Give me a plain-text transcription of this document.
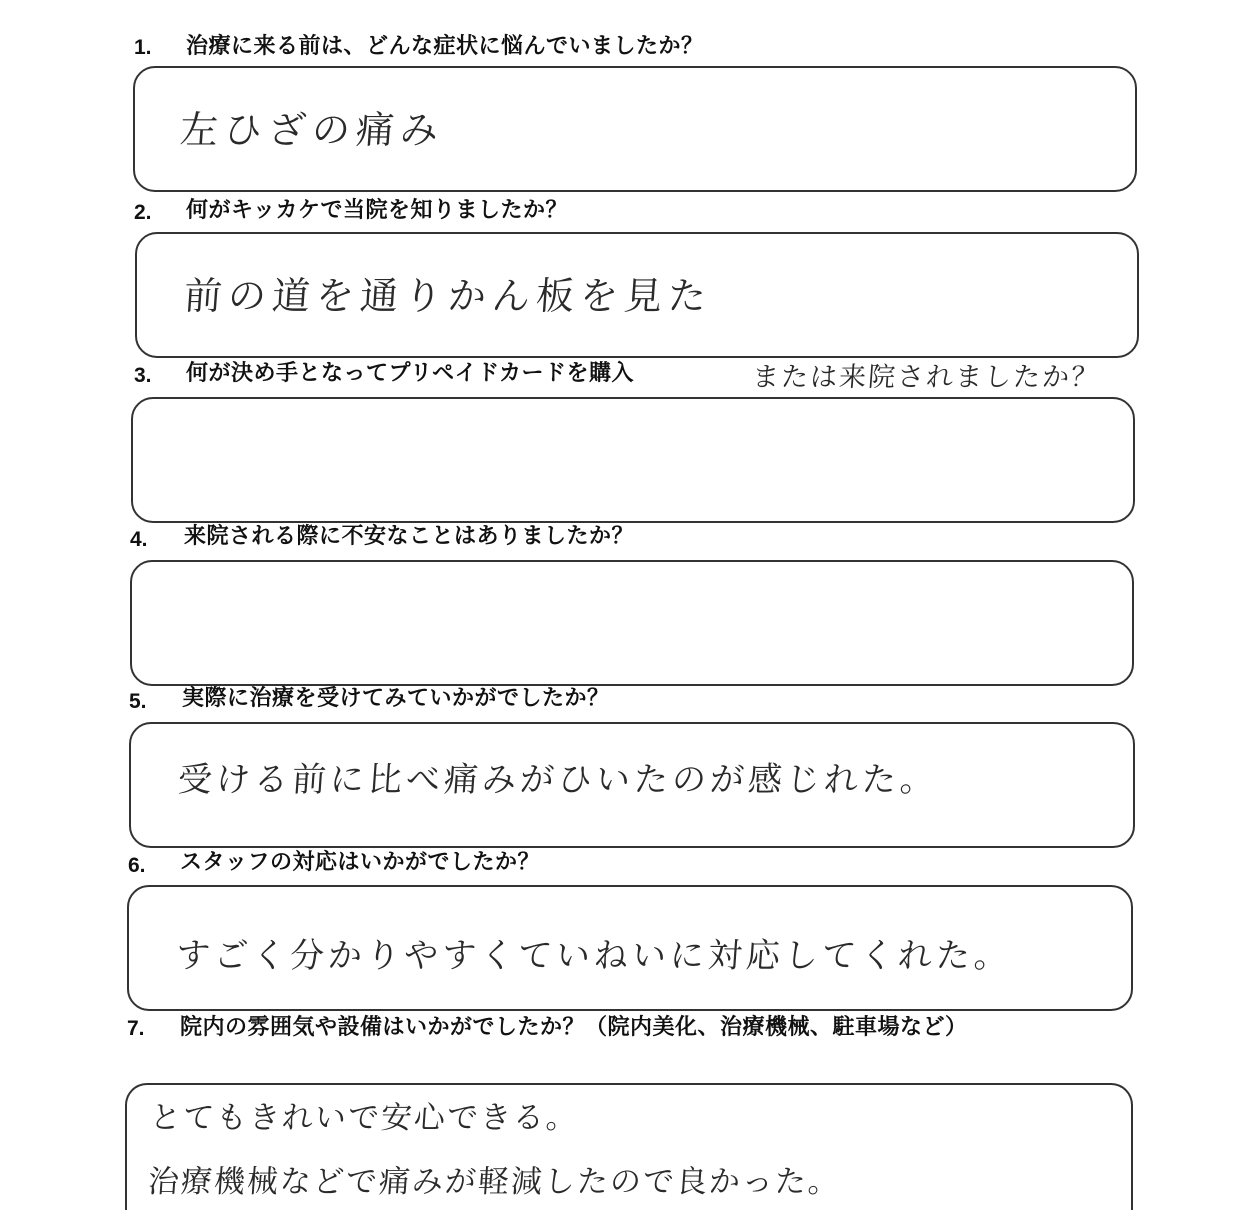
1. 治療に来る前は、どんな症状に悩んでいましたか？
左ひざの痛み
2. 何がキッカケで当院を知りましたか？
前の道を通りかん板を見た
3. 何が決め手となってプリペイドカードを購入	または来院されましたか？
4. 来院される際に不安なことはありましたか？
5. 実際に治療を受けてみていかがでしたか？
受ける前に比べ痛みがひいたのが感じれた。
6. スタッフの対応はいかがでしたか？
すごく分かりやすくていねいに対応してくれた。
7. 院内の雰囲気や設備はいかがでしたか？（院内美化、治療機械、駐車場など）
とてもきれいで安心できる。
治療機械などで痛みが軽減したので良かった。
